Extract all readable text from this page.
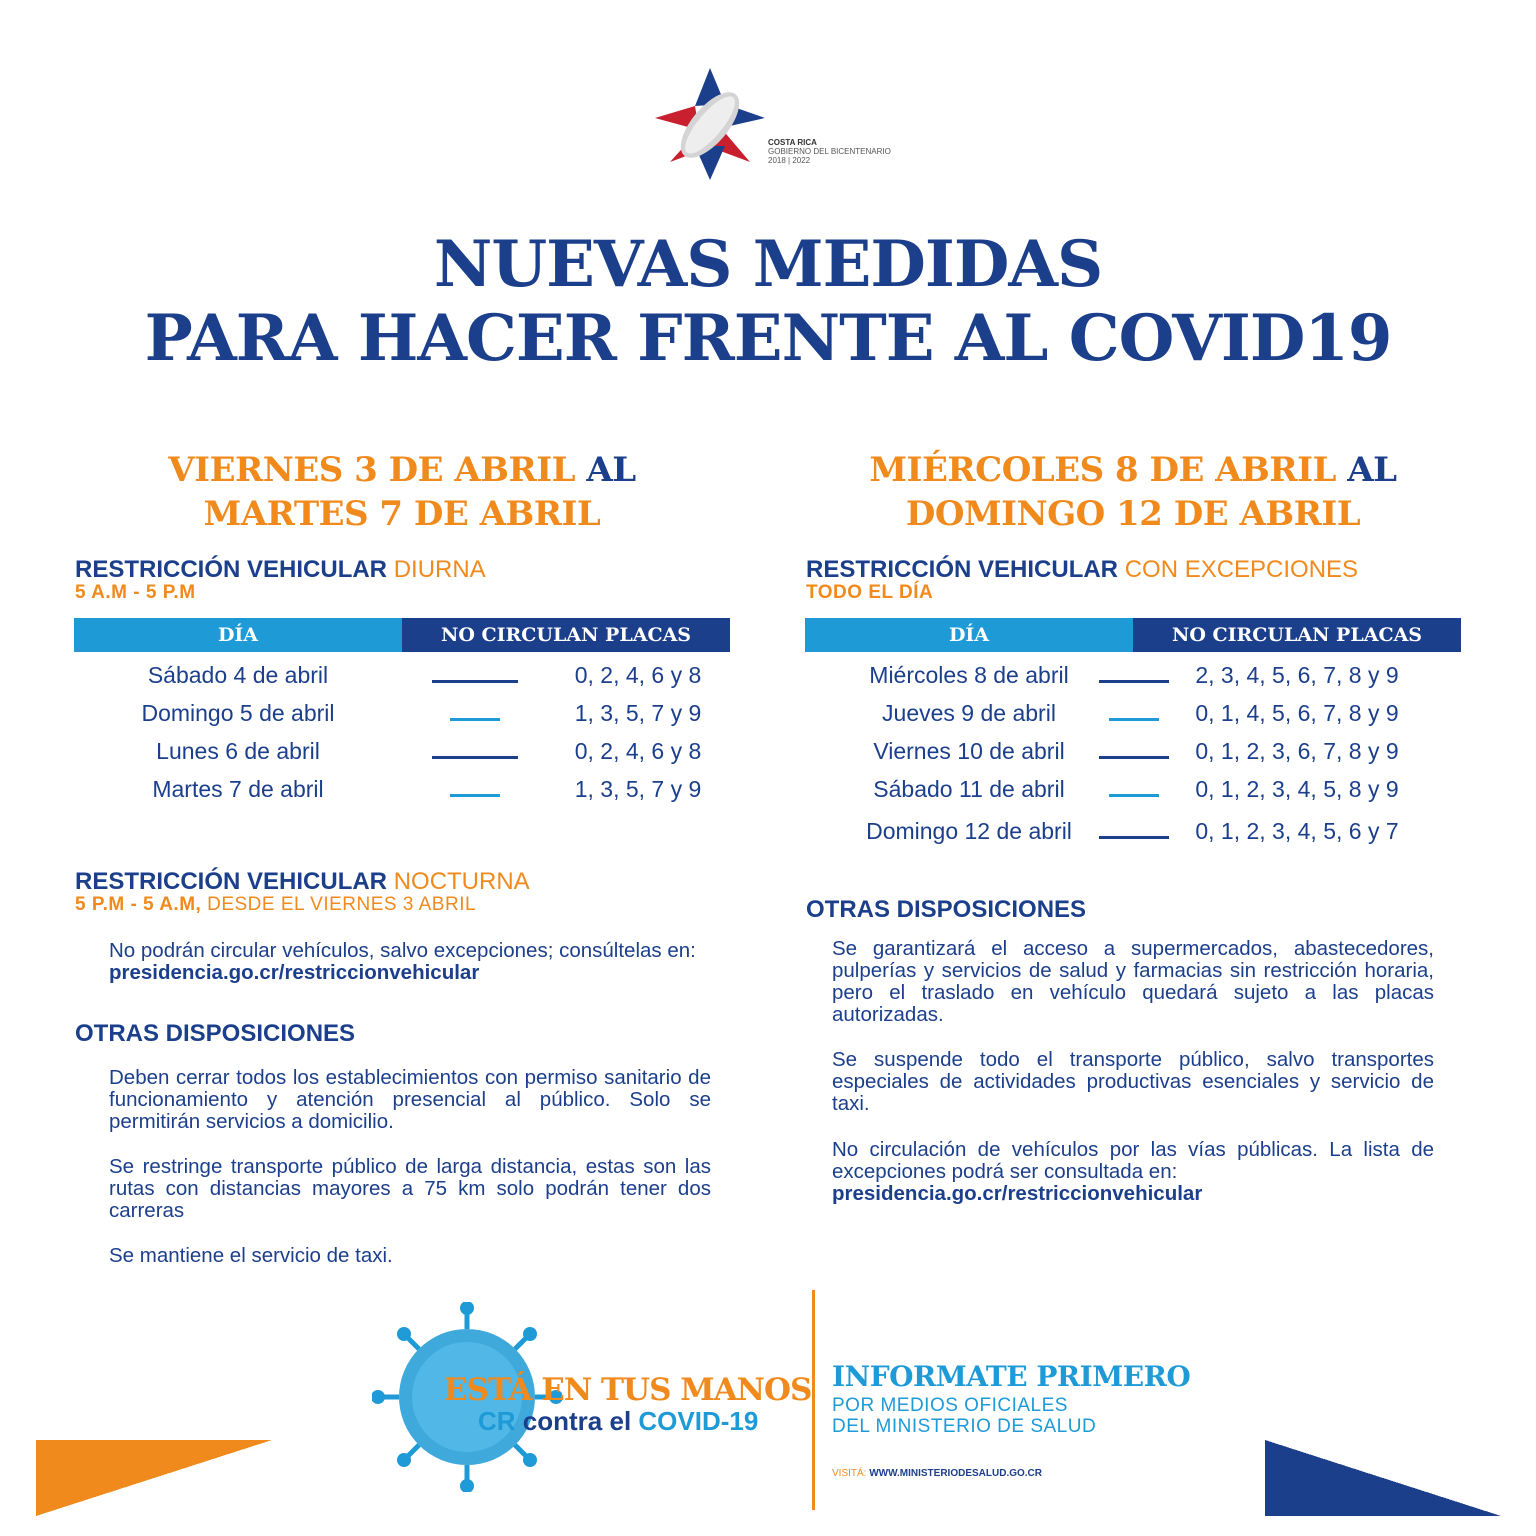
COSTA RICA
GOBIERNO DEL BICENTENARIO
2018 | 2022
NUEVAS MEDIDAS
PARA HACER FRENTE AL COVID19
VIERNES 3 DE ABRIL AL
MARTES 7 DE ABRIL
RESTRICCIÓN VEHICULAR DIURNA
5 A.M - 5 P.M
DÍA	NO CIRCULAN PLACAS
Sábado 4 de abril	0, 2, 4, 6 y 8
Domingo 5 de abril	1, 3, 5, 7 y 9
Lunes 6 de abril	0, 2, 4, 6 y 8
Martes 7 de abril	1, 3, 5, 7 y 9
RESTRICCIÓN VEHICULAR NOCTURNA
5 P.M - 5 A.M, DESDE EL VIERNES 3 ABRIL
No podrán circular vehículos, salvo excepciones; consúltelas en: presidencia.go.cr/restriccionvehicular
OTRAS DISPOSICIONES
Deben cerrar todos los establecimientos con permiso sanitario de funcionamiento y atención presencial al público. Solo se permitirán servicios a domicilio.
Se restringe transporte público de larga distancia, estas son las rutas con distancias mayores a 75 km solo podrán tener dos carreras
Se mantiene el servicio de taxi.
MIÉRCOLES 8 DE ABRIL AL
DOMINGO 12 DE ABRIL
RESTRICCIÓN VEHICULAR CON EXCEPCIONES
TODO EL DÍA
DÍA	NO CIRCULAN PLACAS
Miércoles 8 de abril	2, 3, 4, 5, 6, 7, 8 y 9
Jueves 9 de abril	0, 1, 4, 5, 6, 7, 8 y 9
Viernes 10 de abril	0, 1, 2, 3, 6, 7, 8 y 9
Sábado 11 de abril	0, 1, 2, 3, 4, 5, 8 y 9
Domingo 12 de abril	0, 1, 2, 3, 4, 5, 6 y 7
OTRAS DISPOSICIONES
Se garantizará el acceso a supermercados, abastecedores, pulperías y servicios de salud y farmacias sin restricción horaria, pero el traslado en vehículo quedará sujeto a las placas autorizadas.
Se suspende todo el transporte público, salvo transportes especiales de actividades productivas esenciales y servicio de taxi.
No circulación de vehículos por las vías públicas. La lista de excepciones podrá ser consultada en:
presidencia.go.cr/restriccionvehicular
ESTÁ EN TUS MANOS
CR contra el COVID-19
INFORMATE PRIMERO
POR MEDIOS OFICIALES
DEL MINISTERIO DE SALUD
VISITÁ: WWW.MINISTERIODESALUD.GO.CR
